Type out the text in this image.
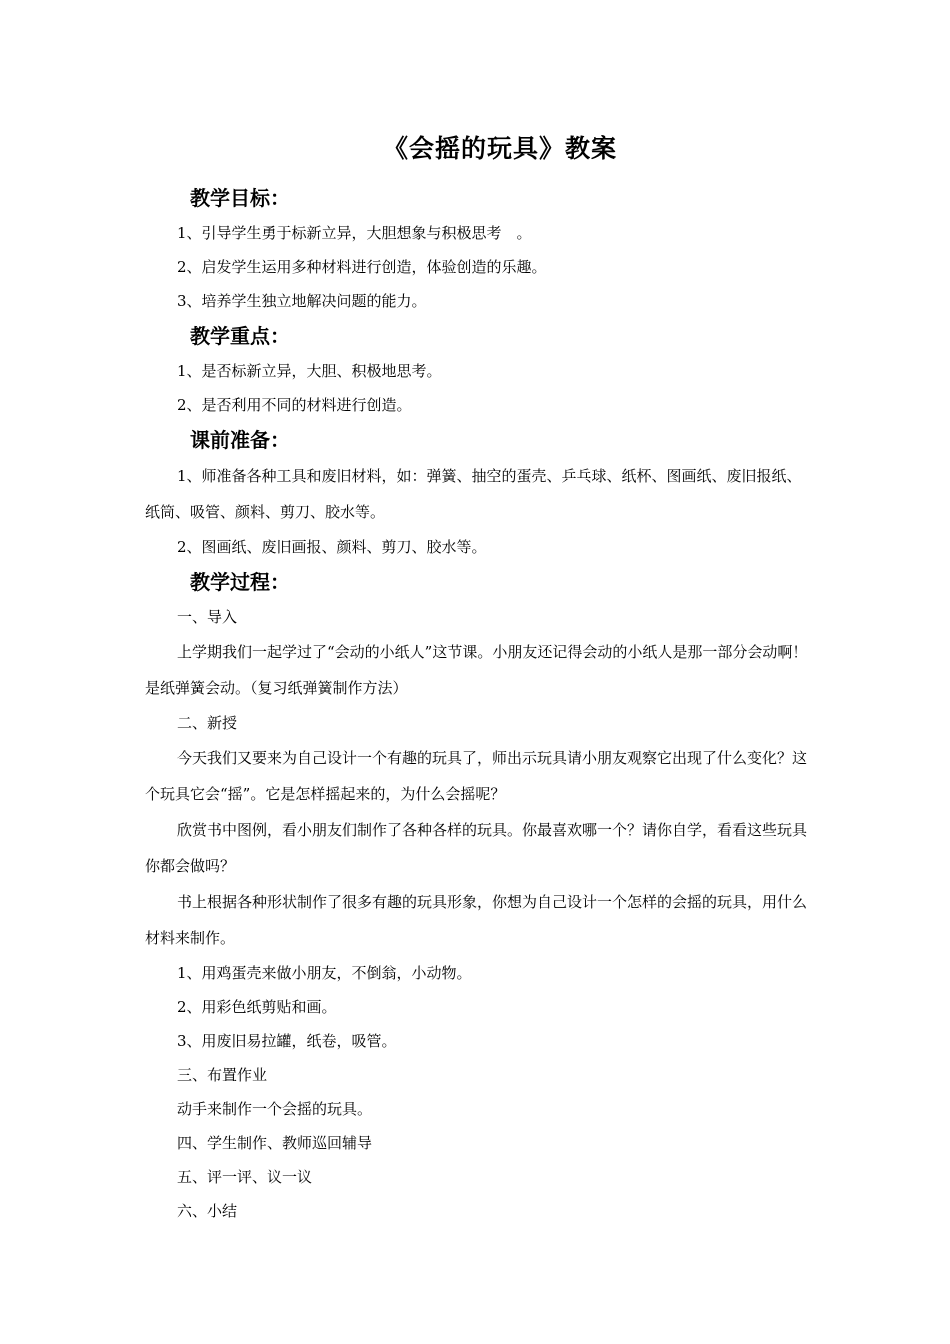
《会摇的玩具》教案
教学目标：
1、引导学生勇于标新立异，大胆想象与积极思考　。
2、启发学生运用多种材料进行创造，体验创造的乐趣。
3、培养学生独立地解决问题的能力。
教学重点：
1、是否标新立异，大胆、积极地思考。
2、是否利用不同的材料进行创造。
课前准备：
1、师准备各种工具和废旧材料，如：弹簧、抽空的蛋壳、乒乓球、纸杯、图画纸、废旧报纸、纸筒、吸管、颜料、剪刀、胶水等。
2、图画纸、废旧画报、颜料、剪刀、胶水等。
教学过程：
一、导入
上学期我们一起学过了“会动的小纸人”这节课。小朋友还记得会动的小纸人是那一部分会动啊！是纸弹簧会动。（复习纸弹簧制作方法）
二、新授
今天我们又要来为自己设计一个有趣的玩具了，师出示玩具请小朋友观察它出现了什么变化？这个玩具它会“摇”。它是怎样摇起来的，为什么会摇呢？
欣赏书中图例，看小朋友们制作了各种各样的玩具。你最喜欢哪一个？请你自学，看看这些玩具你都会做吗？
书上根据各种形状制作了很多有趣的玩具形象，你想为自己设计一个怎样的会摇的玩具，用什么材料来制作。
1、用鸡蛋壳来做小朋友，不倒翁，小动物。
2、用彩色纸剪贴和画。
3、用废旧易拉罐，纸卷，吸管。
三、布置作业
动手来制作一个会摇的玩具。
四、学生制作、教师巡回辅导
五、评一评、议一议
六、小结
